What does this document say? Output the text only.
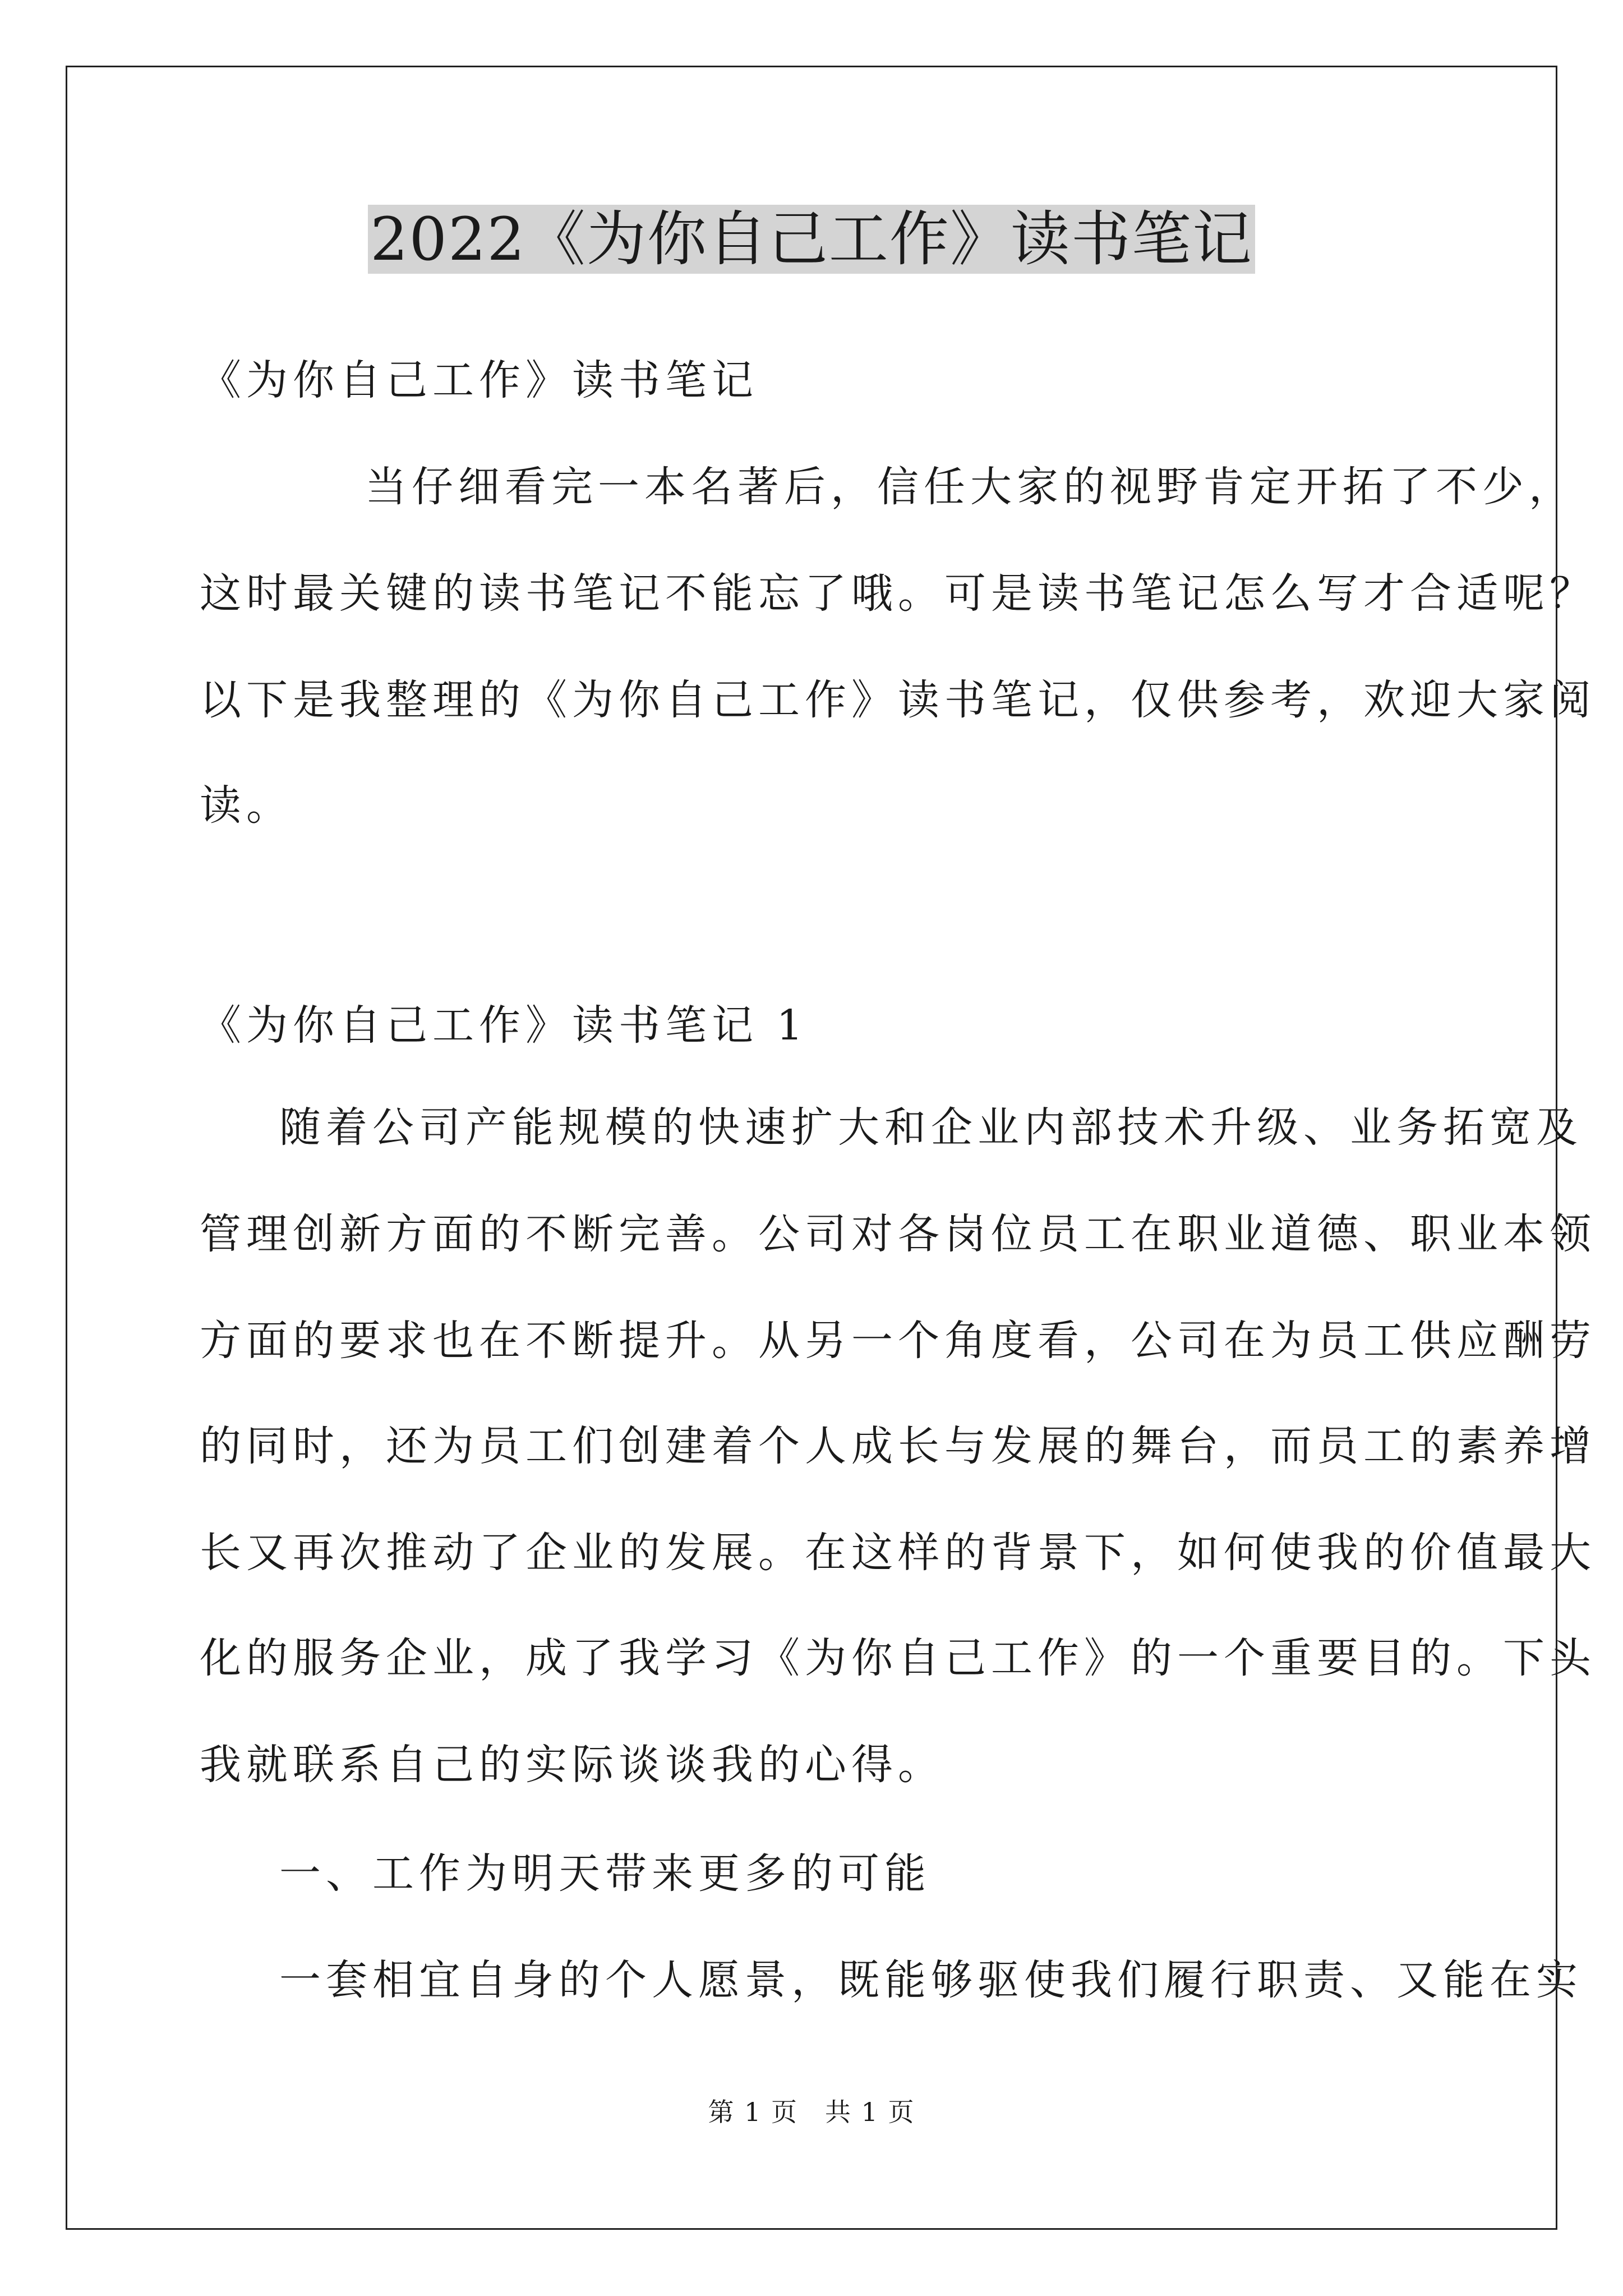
2022《为你自己工作》读书笔记
《为你自己工作》读书笔记
当仔细看完一本名著后，信任大家的视野肯定开拓了不少，
这时最关键的读书笔记不能忘了哦。可是读书笔记怎么写才合适呢？
以下是我整理的《为你自己工作》读书笔记，仅供参考，欢迎大家阅
读。
《为你自己工作》读书笔记 1
随着公司产能规模的快速扩大和企业内部技术升级、业务拓宽及
管理创新方面的不断完善。公司对各岗位员工在职业道德、职业本领
方面的要求也在不断提升。从另一个角度看，公司在为员工供应酬劳
的同时，还为员工们创建着个人成长与发展的舞台，而员工的素养增
长又再次推动了企业的发展。在这样的背景下，如何使我的价值最大
化的服务企业，成了我学习《为你自己工作》的一个重要目的。下头
我就联系自己的实际谈谈我的心得。
一、工作为明天带来更多的可能
一套相宜自身的个人愿景，既能够驱使我们履行职责、又能在实
第 1 页　共 1 页
